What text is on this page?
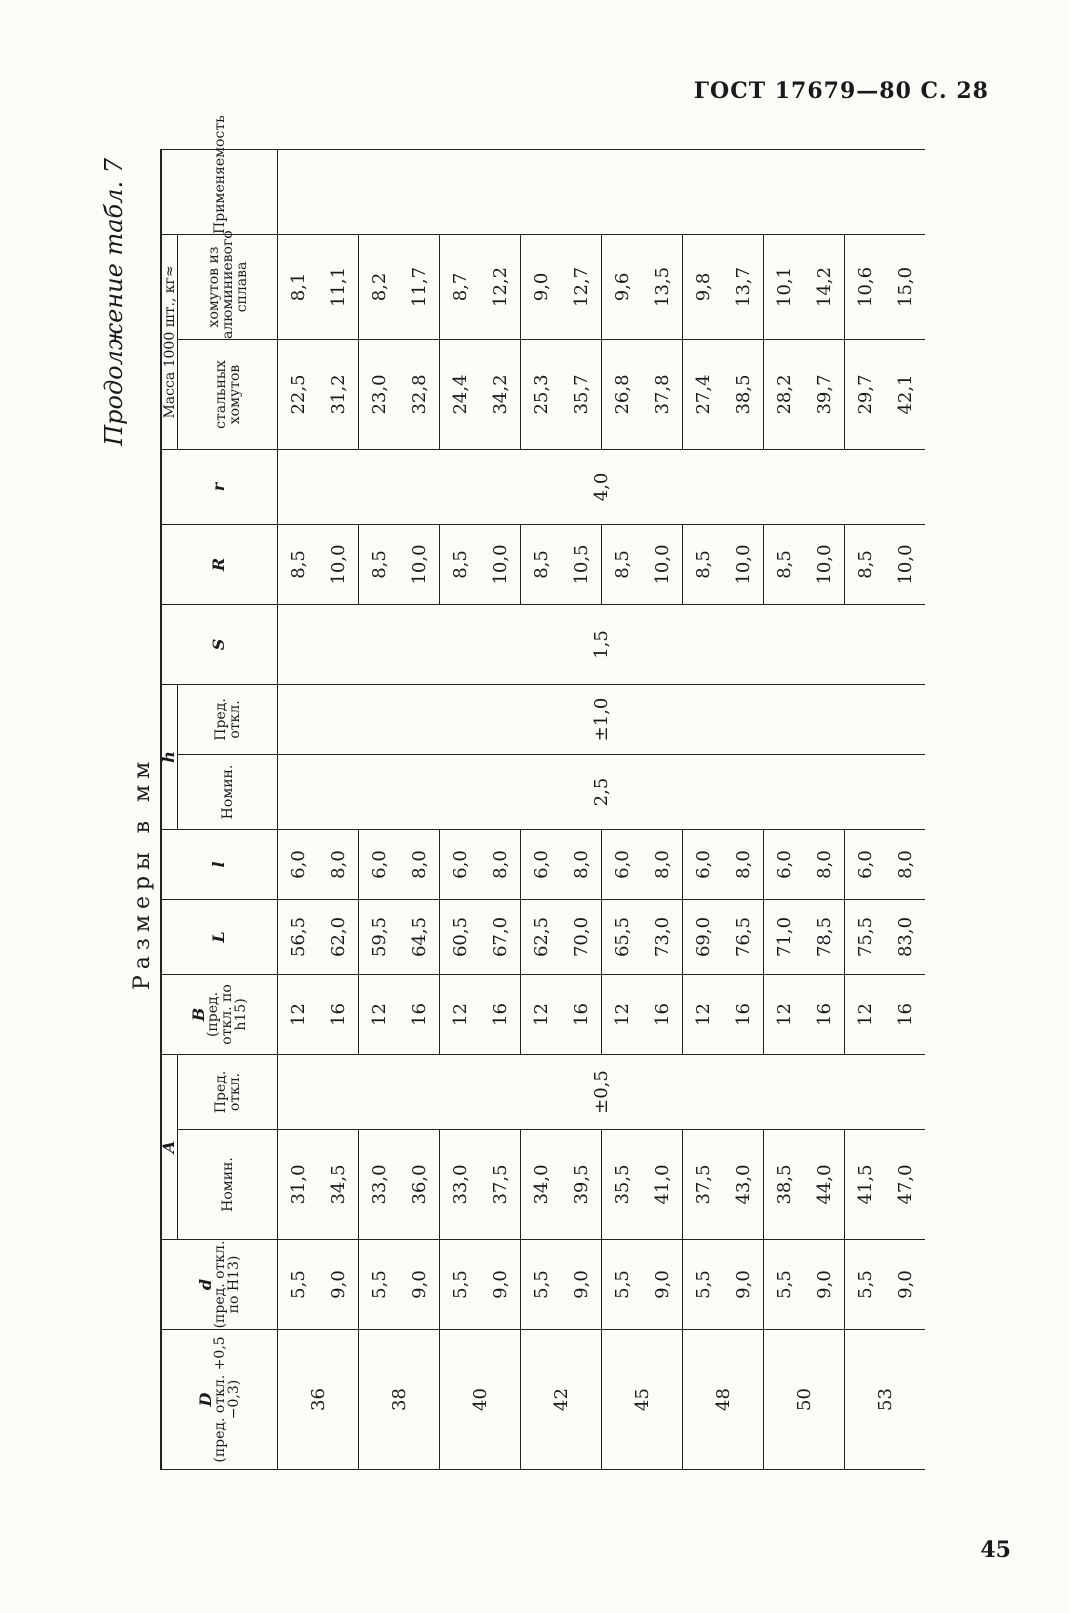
ГОСТ 17679—80 С. 28
Продолжение табл. 7
Размеры в мм
D
(пред. откл. +0,5 −0,3)	d
(пред. откл. по H13)	A		B
(пред. откл. по h15)	L	l	h		S	R	r	Масса 1000 шт., кг≈		Применяемость
		Номин.	Пред. откл.				Номин.	Пред. откл.				стальных хомутов	хомутов из алюминиевого сплава	
36	5,5	31,0	±0,5	12	56,5	6,0	2,5	±1,0	1,5	8,5	4,0	22,5	8,1	
	9,0	34,5		16	62,0	8,0				10,0		31,2	11,1	
38	5,5	33,0		12	59,5	6,0				8,5		23,0	8,2	
	9,0	36,0		16	64,5	8,0				10,0		32,8	11,7	
40	5,5	33,0		12	60,5	6,0				8,5		24,4	8,7	
	9,0	37,5		16	67,0	8,0				10,0		34,2	12,2	
42	5,5	34,0		12	62,5	6,0				8,5		25,3	9,0	
	9,0	39,5		16	70,0	8,0				10,5		35,7	12,7	
45	5,5	35,5		12	65,5	6,0				8,5		26,8	9,6	
	9,0	41,0		16	73,0	8,0				10,0		37,8	13,5	
48	5,5	37,5		12	69,0	6,0				8,5		27,4	9,8	
	9,0	43,0		16	76,5	8,0				10,0		38,5	13,7	
50	5,5	38,5		12	71,0	6,0				8,5		28,2	10,1	
	9,0	44,0		16	78,5	8,0				10,0		39,7	14,2	
53	5,5	41,5		12	75,5	6,0				8,5		29,7	10,6	
	9,0	47,0		16	83,0	8,0				10,0		42,1	15,0	
45
